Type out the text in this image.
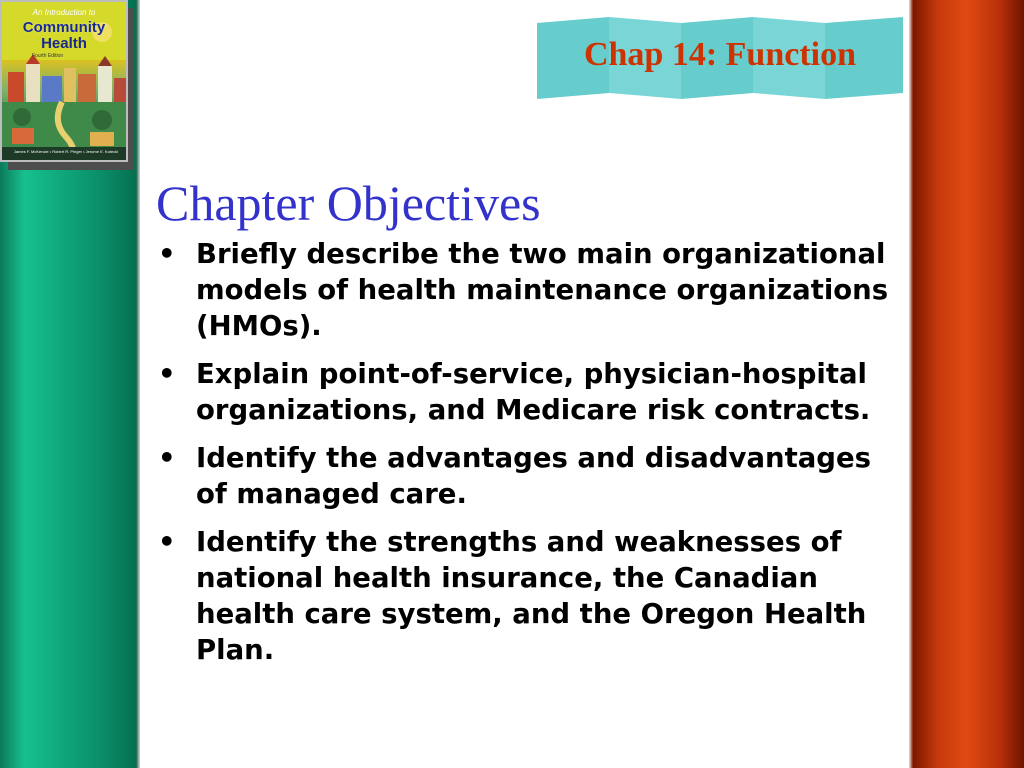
An Introduction to
Community
Health
Fourth Edition
James F. McKenzie • Robert R. Pinger • Jerome E. Kotecki
Chap 14: Function
Chapter Objectives
• Briefly describe the two main organizational models of health maintenance organizations (HMOs).
• Explain point-of-service, physician-hospital organizations, and Medicare risk contracts.
• Identify the advantages and disadvantages of managed care.
• Identify the strengths and weaknesses of national health insurance, the Canadian health care system, and the Oregon Health Plan.
